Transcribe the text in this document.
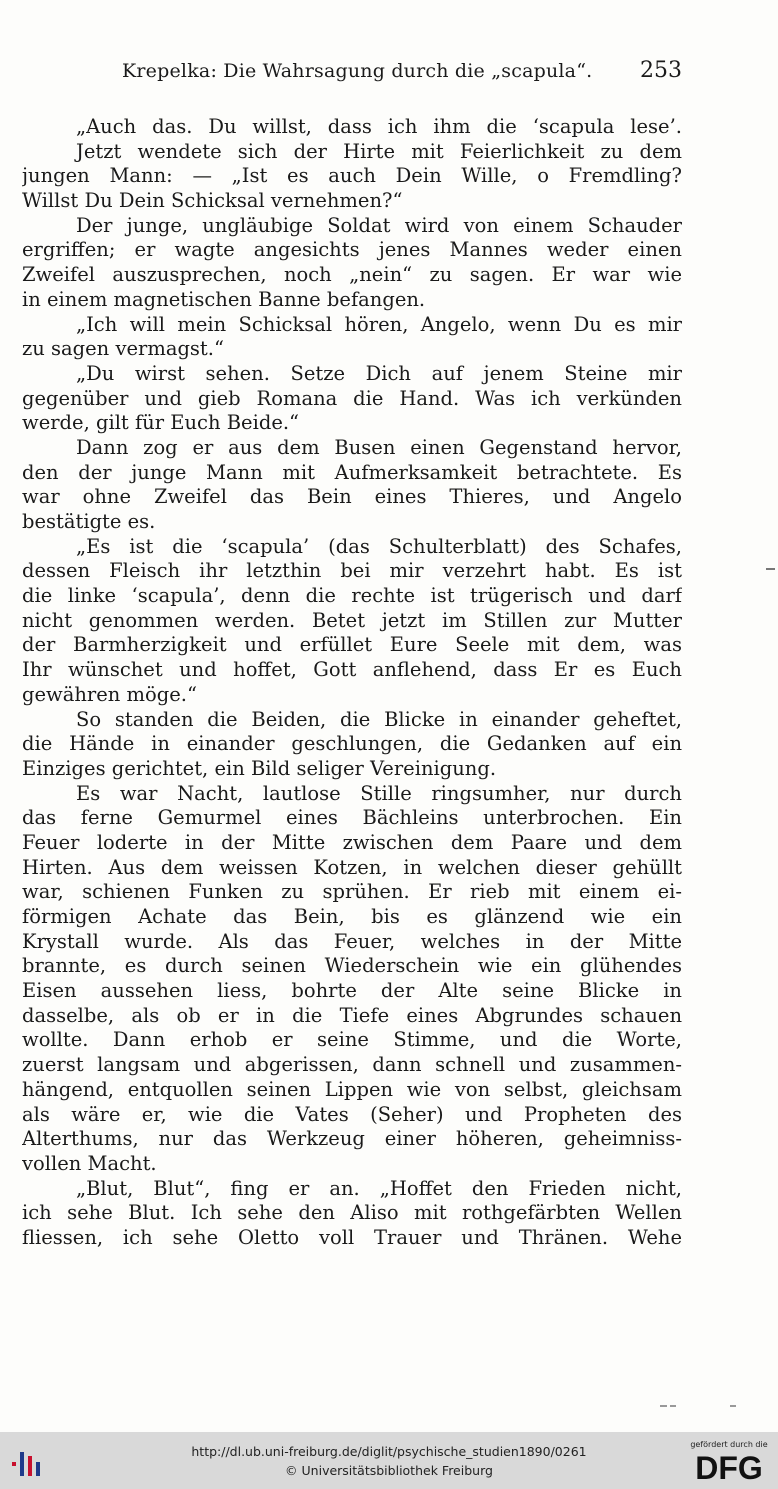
Krepelka: Die Wahrsagung durch die „scapula“. 253
„Auch das. Du willst, dass ich ihm die ‘scapula lese’.
Jetzt wendete sich der Hirte mit Feierlichkeit zu dem
jungen Mann: — „Ist es auch Dein Wille, o Fremdling?
Willst Du Dein Schicksal vernehmen?“
Der junge, ungläubige Soldat wird von einem Schauder
ergriffen; er wagte angesichts jenes Mannes weder einen
Zweifel auszusprechen, noch „nein“ zu sagen. Er war wie
in einem magnetischen Banne befangen.
„Ich will mein Schicksal hören, Angelo, wenn Du es mir
zu sagen vermagst.“
„Du wirst sehen. Setze Dich auf jenem Steine mir
gegenüber und gieb Romana die Hand. Was ich verkünden
werde, gilt für Euch Beide.“
Dann zog er aus dem Busen einen Gegenstand hervor,
den der junge Mann mit Aufmerksamkeit betrachtete. Es
war ohne Zweifel das Bein eines Thieres, und Angelo
bestätigte es.
„Es ist die ‘scapula’ (das Schulterblatt) des Schafes,
dessen Fleisch ihr letzthin bei mir verzehrt habt. Es ist
die linke ‘scapula’, denn die rechte ist trügerisch und darf
nicht genommen werden. Betet jetzt im Stillen zur Mutter
der Barmherzigkeit und erfüllet Eure Seele mit dem, was
Ihr wünschet und hoffet, Gott anflehend, dass Er es Euch
gewähren möge.“
So standen die Beiden, die Blicke in einander geheftet,
die Hände in einander geschlungen, die Gedanken auf ein
Einziges gerichtet, ein Bild seliger Vereinigung.
Es war Nacht, lautlose Stille ringsumher, nur durch
das ferne Gemurmel eines Bächleins unterbrochen. Ein
Feuer loderte in der Mitte zwischen dem Paare und dem
Hirten. Aus dem weissen Kotzen, in welchen dieser gehüllt
war, schienen Funken zu sprühen. Er rieb mit einem ei-
förmigen Achate das Bein, bis es glänzend wie ein
Krystall wurde. Als das Feuer, welches in der Mitte
brannte, es durch seinen Wiederschein wie ein glühendes
Eisen aussehen liess, bohrte der Alte seine Blicke in
dasselbe, als ob er in die Tiefe eines Abgrundes schauen
wollte. Dann erhob er seine Stimme, und die Worte,
zuerst langsam und abgerissen, dann schnell und zusammen-
hängend, entquollen seinen Lippen wie von selbst, gleichsam
als wäre er, wie die Vates (Seher) und Propheten des
Alterthums, nur das Werkzeug einer höheren, geheimniss-
vollen Macht.
„Blut, Blut“, fing er an. „Hoffet den Frieden nicht,
ich sehe Blut. Ich sehe den Aliso mit rothgefärbten Wellen
fliessen, ich sehe Oletto voll Trauer und Thränen. Wehe
http://dl.ub.uni-freiburg.de/diglit/psychische_studien1890/0261
© Universitätsbibliothek Freiburg
gefördert durch die
DFG
